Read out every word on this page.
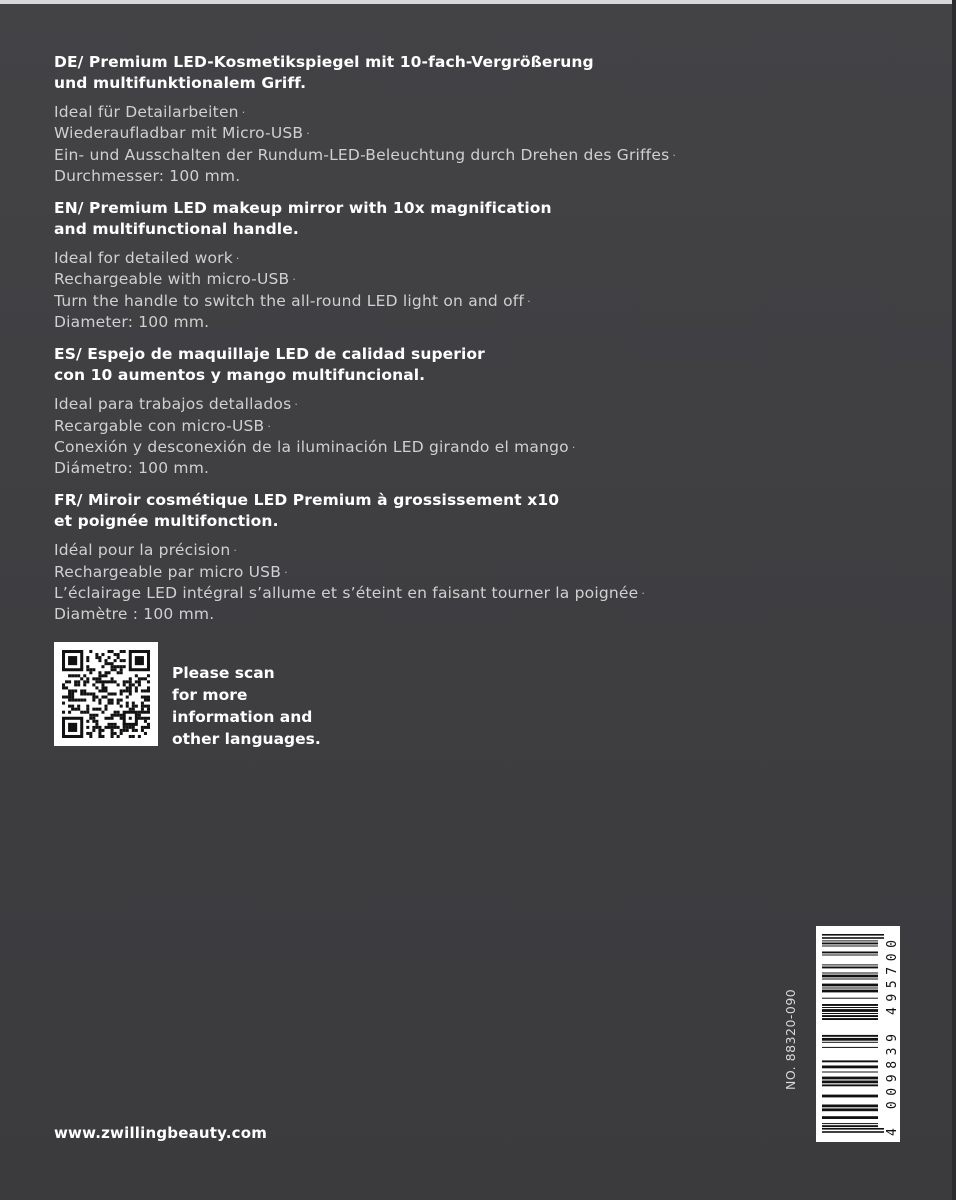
DE/ Premium LED-Kosmetikspiegel mit 10-fach-Vergrößerung
und multifunktionalem Griff.
Ideal für Detailarbeiten ·
Wiederaufladbar mit Micro-USB ·
Ein- und Ausschalten der Rundum-LED-Beleuchtung durch Drehen des Griffes ·
Durchmesser: 100 mm.
EN/ Premium LED makeup mirror with 10x magnification
and multifunctional handle.
Ideal for detailed work ·
Rechargeable with micro-USB ·
Turn the handle to switch the all-round LED light on and off ·
Diameter: 100 mm.
ES/ Espejo de maquillaje LED de calidad superior
con 10 aumentos y mango multifuncional.
Ideal para trabajos detallados ·
Recargable con micro-USB ·
Conexión y desconexión de la iluminación LED girando el mango ·
Diámetro: 100 mm.
FR/ Miroir cosmétique LED Premium à grossissement x10
et poignée multifonction.
Idéal pour la précision ·
Rechargeable par micro USB ·
L’éclairage LED intégral s’allume et s’éteint en faisant tourner la poignée ·
Diamètre : 100 mm.
Please scan
for more
information and
other languages.
www.zwillingbeauty.com
NO. 88320-090
4 009839 495700
